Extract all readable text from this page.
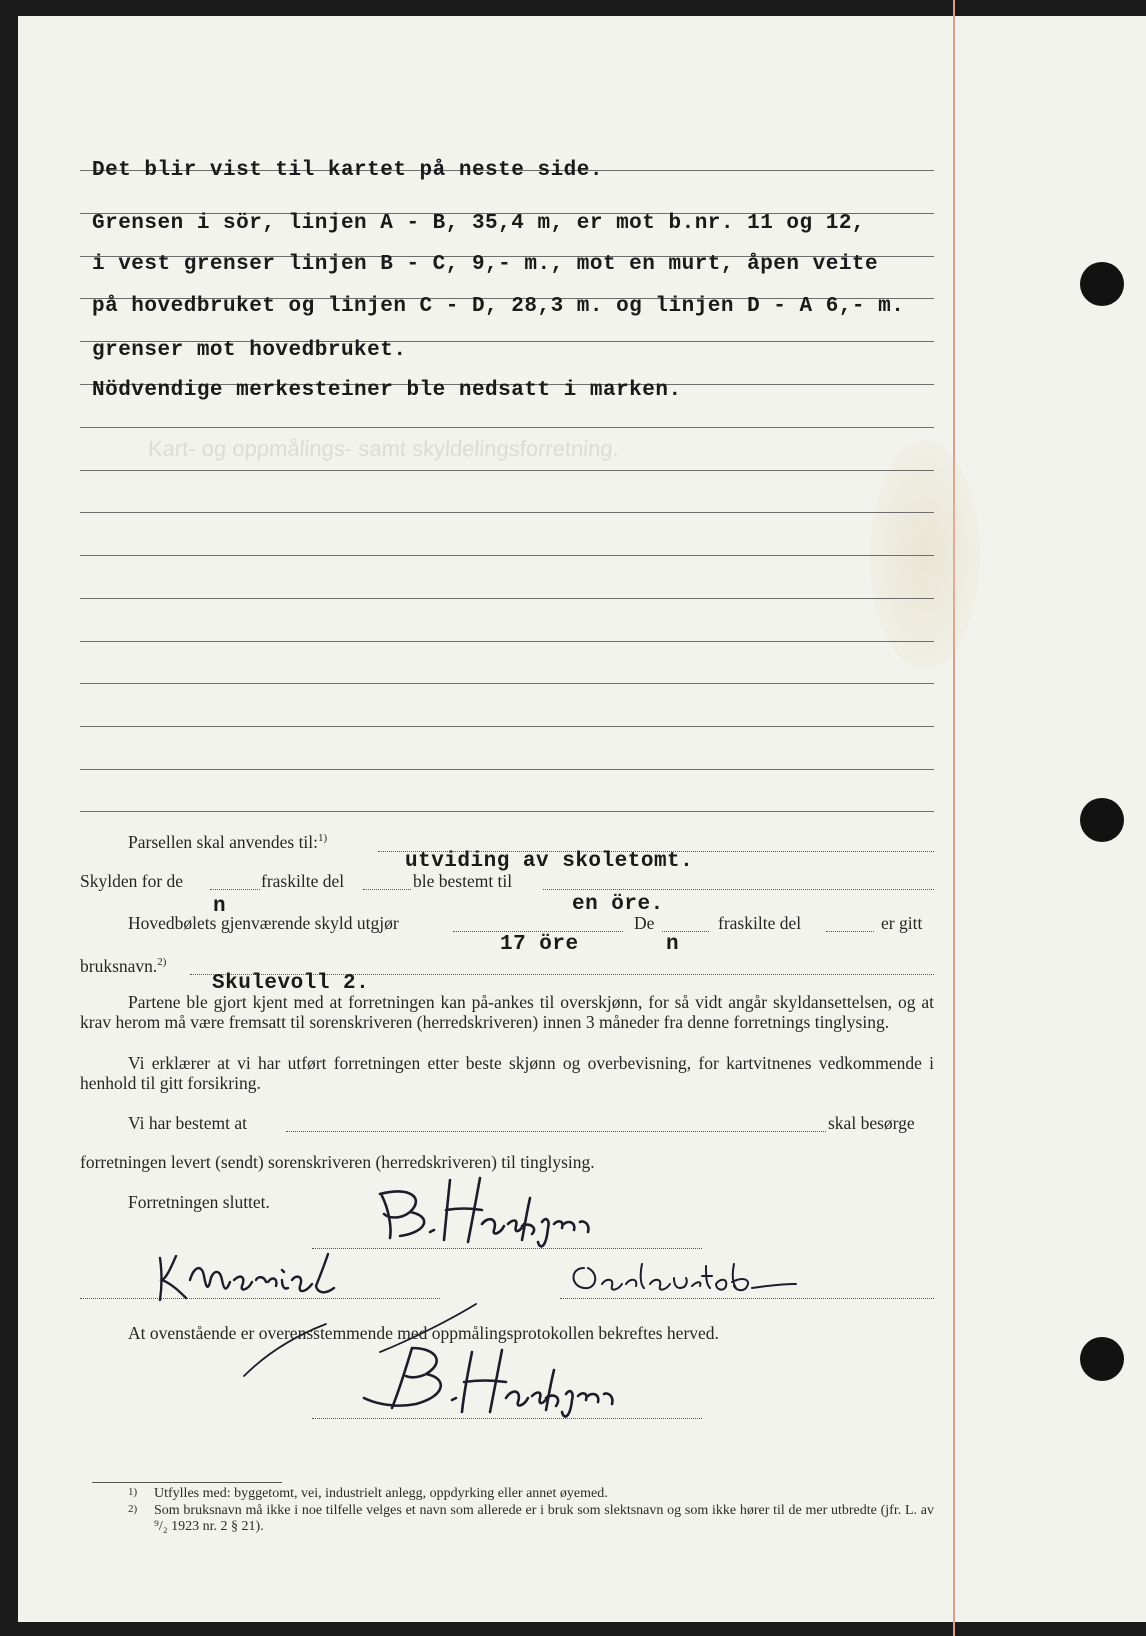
Kart- og oppmålings- samt skyldelingsforretning.
Det blir vist til kartet på neste side.
Grensen i sör, linjen A - B, 35,4 m, er mot b.nr. 11 og 12,
i vest grenser linjen B - C, 9,- m., mot en murt, åpen veite
på hovedbruket og linjen C - D, 28,3 m. og linjen D - A 6,- m.
grenser mot hovedbruket.
Nödvendige merkesteiner ble nedsatt i marken.
Parsellen skal anvendes til:$^{1)}$
utviding av skoletomt.
Skylden for de	fraskilte del	ble bestemt til
n	en öre.
Hovedbølets gjenværende skyld utgjør	De	fraskilte del	er gitt
17 öre	n
bruksnavn.$^{2)}$
Skulevoll 2.
Partene ble gjort kjent med at forretningen kan på-ankes til overskjønn, for så vidt angår skyldansettelsen, og at krav herom må være fremsatt til sorenskriveren (herredskriveren) innen 3 måneder fra denne forretnings tinglysing.
Vi erklærer at vi har utført forretningen etter beste skjønn og overbevisning, for kartvitnenes vedkommende i henhold til gitt forsikring.
Vi har bestemt at	skal besørge
forretningen levert (sendt) sorenskriveren (herredskriveren) til tinglysing.
Forretningen sluttet.
At ovenstående er overensstemmende med oppmålingsprotokollen bekreftes herved.
1)	Utfylles med: byggetomt, vei, industrielt anlegg, oppdyrking eller annet øyemed.
2)	Som bruksnavn må ikke i noe tilfelle velges et navn som allerede er i bruk som slektsnavn og som ikke hører til de mer utbredte (jfr. L. av ⁹/₂ 1923 nr. 2 § 21).
